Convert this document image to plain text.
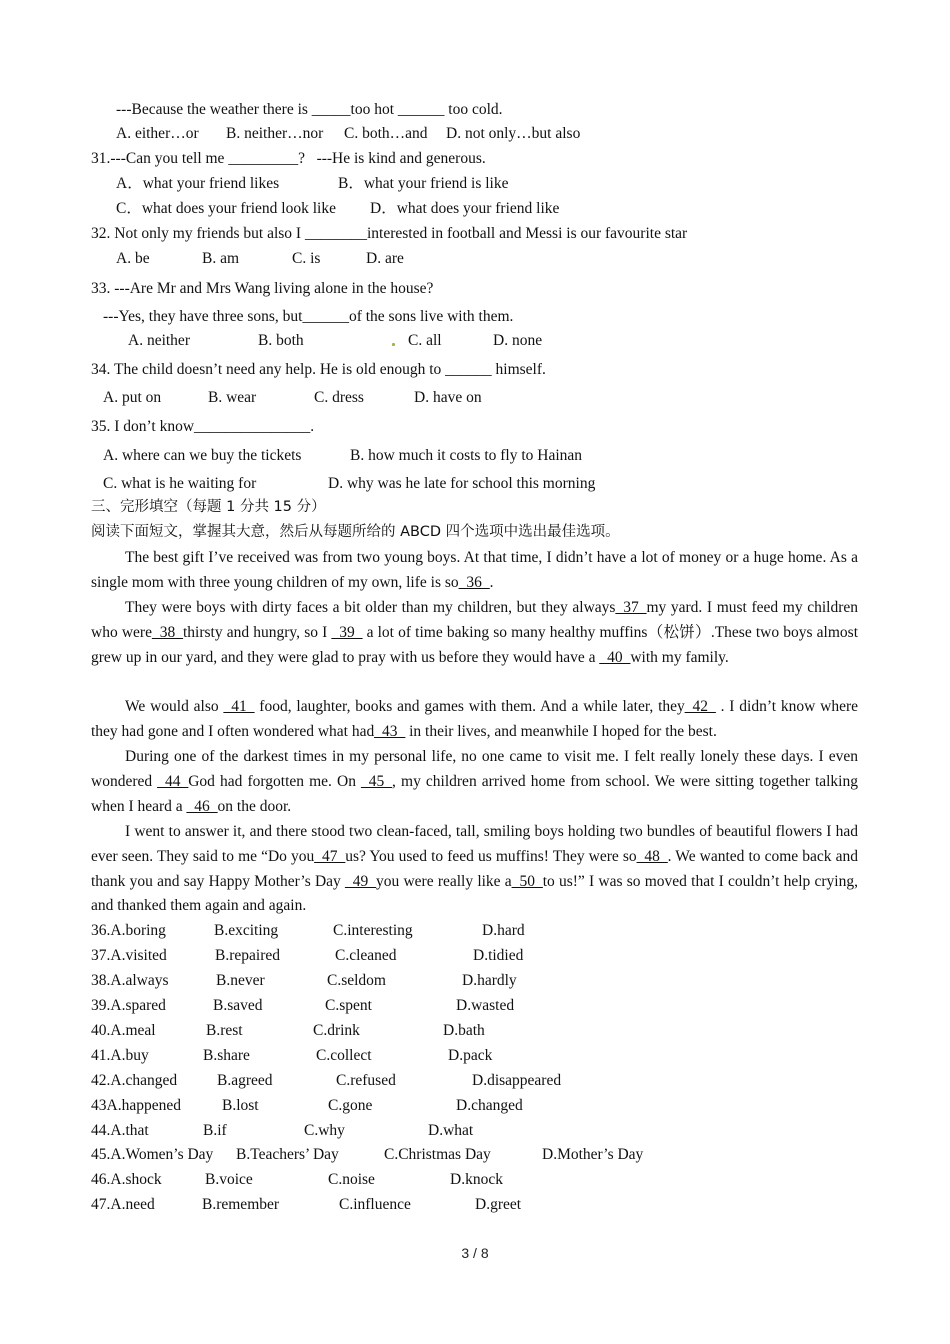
---Because the weather there is _____too hot ______ too cold.
A. either…or B. neither…nor C. both…and D. not only…but also
31.---Can you tell me _________?   ---He is kind and generous.
A．what your friend likes	B．what your friend is like
C．what does your friend look like D．what does your friend like
32. Not only my friends but also I ________interested in football and Messi is our favourite star
A. be	B. am	C. is	D. are
33. ---Are Mr and Mrs Wang living alone in the house?
---Yes, they have three sons, but______of the sons live with them.
A. neither	B. both	C. all	D. none
34. The child doesn’t need any help. He is old enough to ______ himself.
A. put on	B. wear	C. dress	D. have on
35. I don’t know_______________.
A. where can we buy the tickets	B. how much it costs to fly to Hainan
C. what is he waiting for	D. why was he late for school this morning
三、完形填空（每题 1 分共 15 分）
阅读下面短文，掌握其大意，然后从每题所给的 ABCD 四个选项中选出最佳选项。
The best gift I’ve received was from two young boys. At that time, I didn’t have a lot of money or a huge home. As a single mom with three young children of my own, life is so_36_.
They were boys with dirty faces a bit older than my children, but they always_37_my yard. I must feed my children who were_38_thirsty and hungry, so I _39_ a lot of time baking so many healthy muffins（松饼）.These two boys almost grew up in our yard, and they were glad to pray with us before they would have a _40_with my family.
We would also _41_ food, laughter, books and games with them. And a while later, they_42_ . I didn’t know where they had gone and I often wondered what had_43_ in their lives, and meanwhile I hoped for the best.
During one of the darkest times in my personal life, no one came to visit me. I felt really lonely these days. I even wondered _44_God had forgotten me. On _45_, my children arrived home from school. We were sitting together talking when I heard a _46_on the door.
I went to answer it, and there stood two clean-faced, tall, smiling boys holding two bundles of beautiful flowers I had ever seen. They said to me “Do you_47_us? You used to feed us muffins! They were so_48_. We wanted to come back and thank you and say Happy Mother’s Day _49_you were really like a_50_to us!” I was so moved that I couldn’t help crying, and thanked them again and again.
36.A.boring	B.exciting	C.interesting	D.hard
37.A.visited	B.repaired	C.cleaned	D.tidied
38.A.always	B.never	C.seldom	D.hardly
39.A.spared	B.saved	C.spent	D.wasted
40.A.meal	B.rest	C.drink	D.bath
41.A.buy	B.share	C.collect	D.pack
42.A.changed	B.agreed	C.refused	D.disappeared
43A.happened	B.lost	C.gone	D.changed
44.A.that	B.if	C.why	D.what
45.A.Women’s Day B.Teachers’ Day	C.Christmas Day	D.Mother’s Day
46.A.shock	B.voice	C.noise	D.knock
47.A.need	B.remember	C.influence	D.greet
3 / 8
